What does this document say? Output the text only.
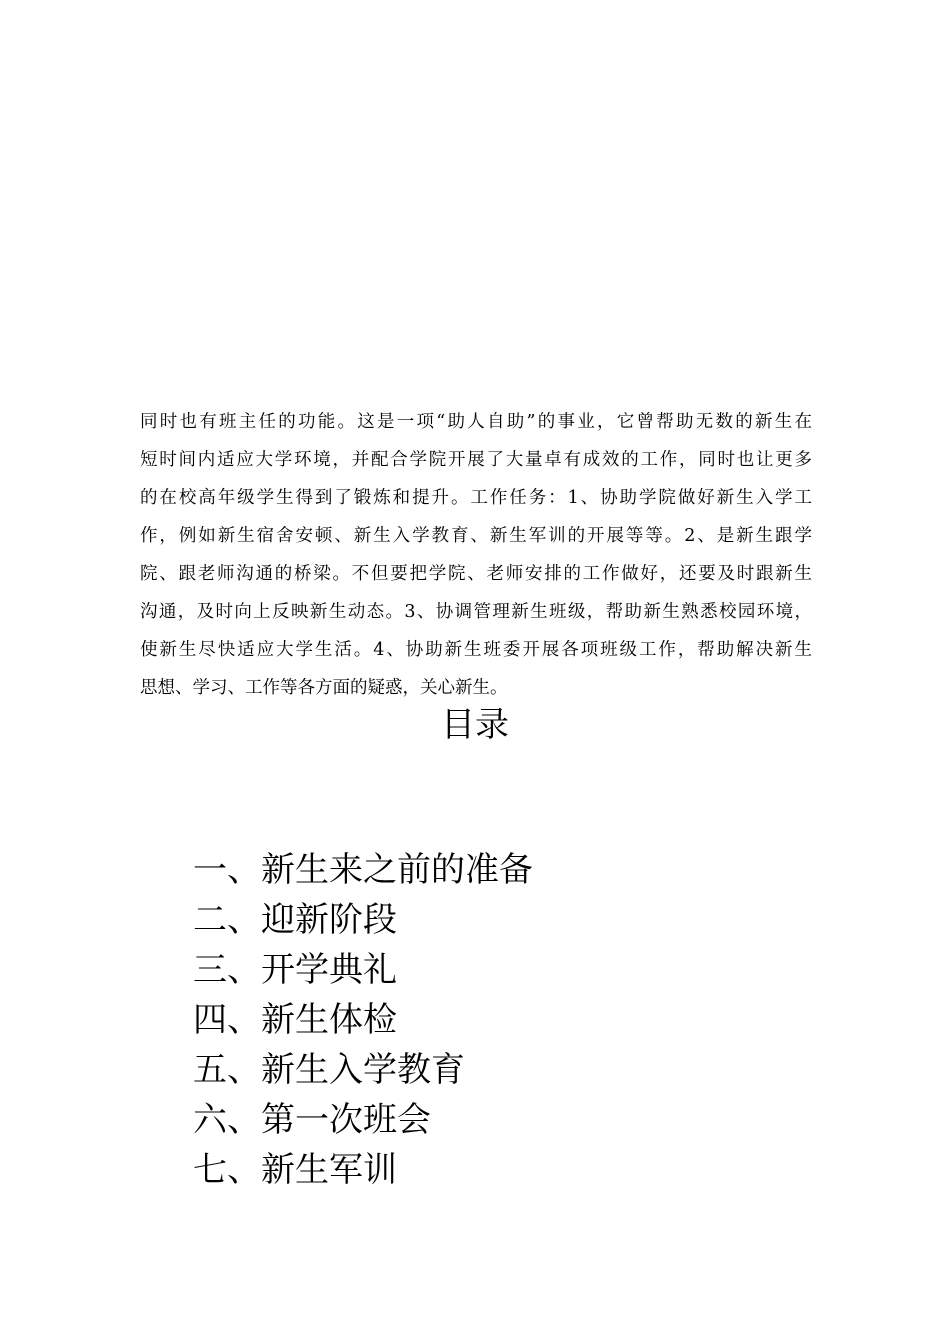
同时也有班主任的功能。这是一项“助人自助”的事业，它曾帮助无数的新生在
短时间内适应大学环境，并配合学院开展了大量卓有成效的工作，同时也让更多
的在校高年级学生得到了锻炼和提升。工作任务：1、协助学院做好新生入学工
作，例如新生宿舍安顿、新生入学教育、新生军训的开展等等。2、是新生跟学
院、跟老师沟通的桥梁。不但要把学院、老师安排的工作做好，还要及时跟新生
沟通，及时向上反映新生动态。3、协调管理新生班级，帮助新生熟悉校园环境，
使新生尽快适应大学生活。4、协助新生班委开展各项班级工作，帮助解决新生
思想、学习、工作等各方面的疑惑，关心新生。
目录
一、新生来之前的准备
二、迎新阶段
三、开学典礼
四、新生体检
五、新生入学教育
六、第一次班会
七、新生军训
